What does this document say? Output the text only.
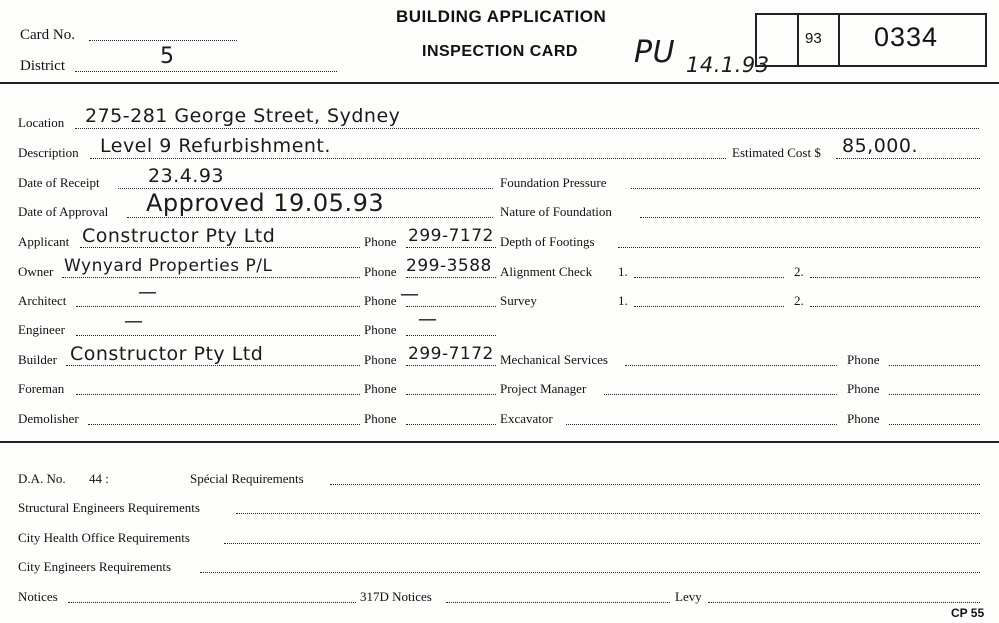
Card No.
District	5
BUILDING APPLICATION
INSPECTION CARD PU 14.1.93
93 0334
Location 275-281 George Street, Sydney
Description Level 9 Refurbishment.	Estimated Cost $ 85,000.
Date of Receipt	23.4.93
Date of Approval Approved 19.05.93
Applicant Constructor Pty Ltd	Phone 299-7172
Owner Wynyard Properties P/L	Phone 299-3588
Architect	—	Phone —
Engineer	—	Phone —
Builder Constructor Pty Ltd	Phone 299-7172
Foreman	Phone
Demolisher	Phone
Foundation Pressure
Nature of Foundation
Depth of Footings
Alignment Check 1.	2.
Survey	1.	2.
Mechanical Services	Phone
Project Manager	Phone
Excavator	Phone
D.A. No. 44 :	Spécial Requirements
Structural Engineers Requirements
City Health Office Requirements
City Engineers Requirements
Notices	317D Notices	Levy
CP 55
